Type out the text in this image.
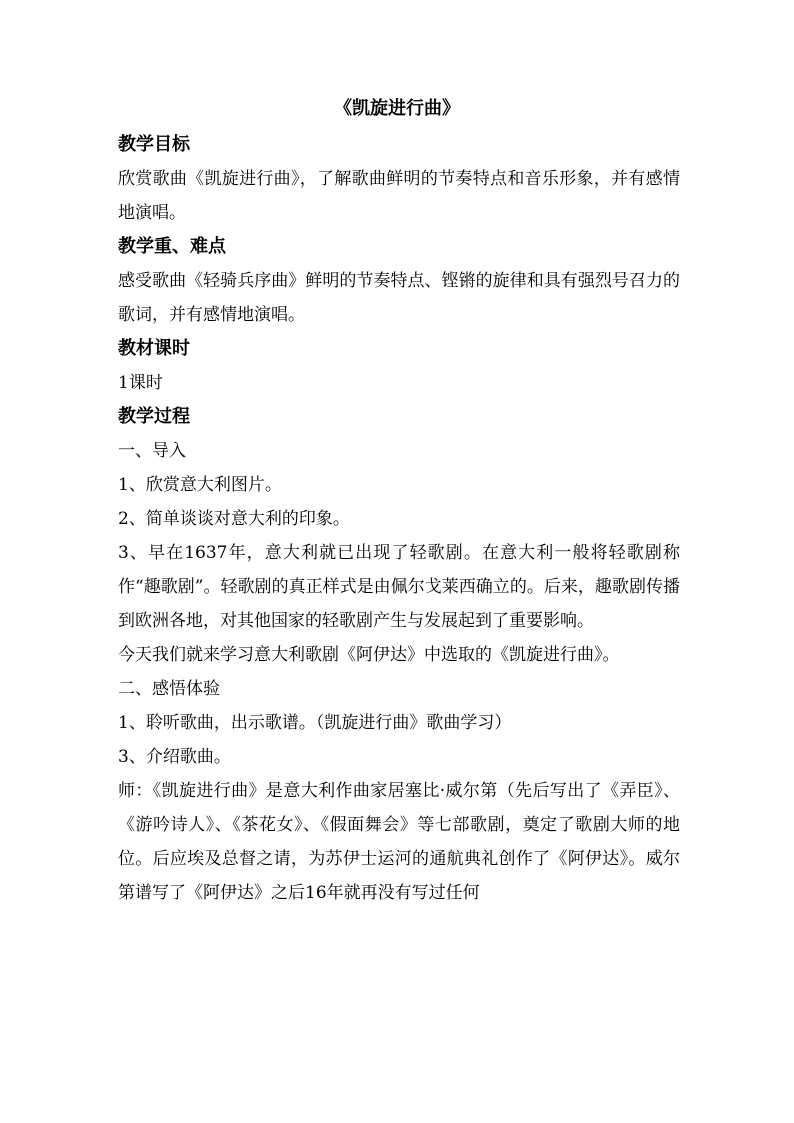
《凯旋进行曲》
教学目标
欣赏歌曲《凯旋进行曲》，了解歌曲鲜明的节奏特点和音乐形象，并有感情地演唱。
教学重、难点
感受歌曲《轻骑兵序曲》鲜明的节奏特点、铿锵的旋律和具有强烈号召力的歌词，并有感情地演唱。
教材课时
1课时
教学过程
一、导入
1、欣赏意大利图片。
2、简单谈谈对意大利的印象。
3、早在1637年，意大利就已出现了轻歌剧。在意大利一般将轻歌剧称作“趣歌剧”。轻歌剧的真正样式是由佩尔戈莱西确立的。后来，趣歌剧传播到欧洲各地，对其他国家的轻歌剧产生与发展起到了重要影响。
今天我们就来学习意大利歌剧《阿伊达》中选取的《凯旋进行曲》。
二、感悟体验
1、聆听歌曲，出示歌谱。（凯旋进行曲》歌曲学习）
3、介绍歌曲。
师：《凯旋进行曲》是意大利作曲家居塞比·威尔第（先后写出了《弄臣》、《游吟诗人》、《茶花女》、《假面舞会》等七部歌剧，奠定了歌剧大师的地位。后应埃及总督之请，为苏伊士运河的通航典礼创作了《阿伊达》。威尔第谱写了《阿伊达》之后16年就再没有写过任何
